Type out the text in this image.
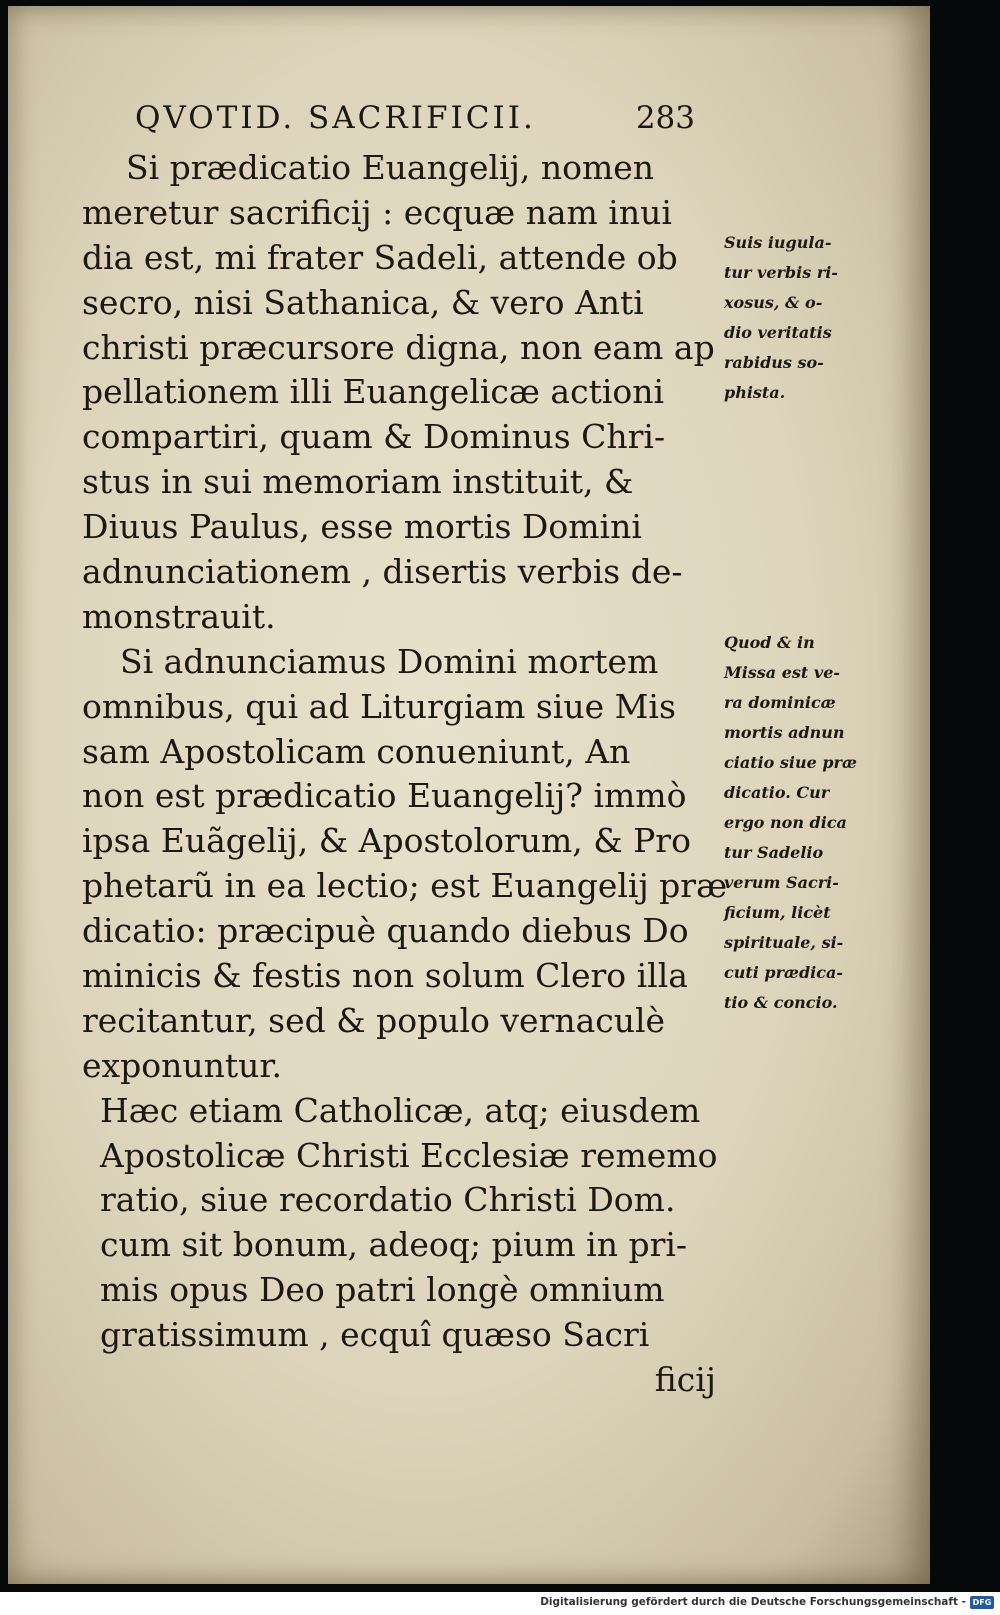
QVOTID. SACRIFICII.	283
Si prædicatio Euangelij, nomen
meretur sacrificij : ecquæ nam inui
dia est, mi frater Sadeli, attende ob
secro, nisi Sathanica, & vero Anti
christi præcursore digna, non eam ap
pellationem illi Euangelicæ actioni
compartiri, quam & Dominus Chri-
stus in sui memoriam instituit, &
Diuus Paulus, esse mortis Domini
adnunciationem , disertis verbis de-
monstrauit.
Si adnunciamus Domini mortem
omnibus, qui ad Liturgiam siue Mis
sam Apostolicam conueniunt, An
non est prædicatio Euangelij? immò
ipsa Euãgelij, & Apostolorum, & Pro
phetarũ in ea lectio; est Euangelij præ
dicatio: præcipuè quando diebus Do
minicis & festis non solum Clero illa
recitantur, sed & populo vernaculè
exponuntur.
Hæc etiam Catholicæ, atq; eiusdem
Apostolicæ Christi Ecclesiæ rememo
ratio, siue recordatio Christi Dom.
cum sit bonum, adeoq; pium in pri-
mis opus Deo patri longè omnium
gratissimum , ecquî quæso Sacri
ficij
Suis iugula-
tur verbis ri-
xosus, & o-
dio veritatis
rabidus so-
phista.
Quod & in
Missa est ve-
ra dominicæ
mortis adnun
ciatio siue præ
dicatio. Cur
ergo non dica
tur Sadelio
verum Sacri-
ficium, licèt
spirituale, si-
cuti prædica-
tio & concio.
Digitalisierung gefördert durch die Deutsche Forschungsgemeinschaft - DFG
